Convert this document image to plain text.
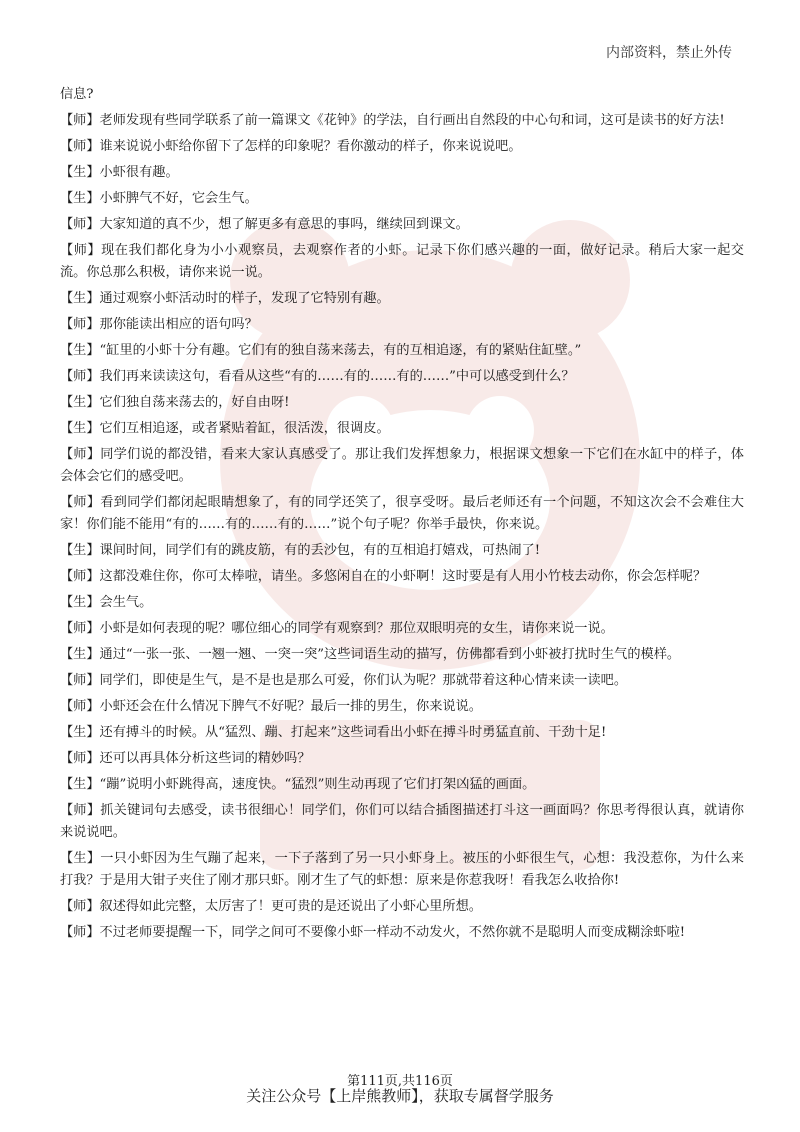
内部资料，禁止外传

信息?

【师】老师发现有些同学联系了前一篇课文《花钟》的学法，自行画出自然段的中心句和词，这可是读书的好方法!

【师】谁来说说小虾给你留下了怎样的印象呢？看你激动的样子，你来说说吧。

【生】小虾很有趣。

【生】小虾脾气不好，它会生气。

【师】大家知道的真不少，想了解更多有意思的事吗，继续回到课文。

【师】现在我们都化身为小小观察员，去观察作者的小虾。记录下你们感兴趣的一面，做好记录。稍后大家一起交流。你总那么积极，请你来说一说。

【生】通过观察小虾活动时的样子，发现了它特别有趣。

【师】那你能读出相应的语句吗？

【生】“缸里的小虾十分有趣。它们有的独自荡来荡去，有的互相追逐，有的紧贴住缸壁。”

【师】我们再来读读这句，看看从这些“有的……有的……有的……”中可以感受到什么？

【生】它们独自荡来荡去的，好自由呀!

【生】它们互相追逐，或者紧贴着缸，很活泼，很调皮。

【师】同学们说的都没错，看来大家认真感受了。那让我们发挥想象力，根据课文想象一下它们在水缸中的样子，体会体会它们的感受吧。

【师】看到同学们都闭起眼睛想象了，有的同学还笑了，很享受呀。最后老师还有一个问题，不知这次会不会难住大家！你们能不能用“有的……有的……有的……”说个句子呢？你举手最快，你来说。

【生】课间时间，同学们有的跳皮筋，有的丢沙包，有的互相追打嬉戏，可热闹了!

【师】这都没难住你，你可太棒啦，请坐。多悠闲自在的小虾啊！这时要是有人用小竹枝去动你，你会怎样呢？

【生】会生气。

【师】小虾是如何表现的呢？哪位细心的同学有观察到？那位双眼明亮的女生，请你来说一说。

【生】通过“一张一张、一翘一翘、一突一突”这些词语生动的描写，仿佛都看到小虾被打扰时生气的模样。

【师】同学们，即使是生气，是不是也是那么可爱，你们认为呢？那就带着这种心情来读一读吧。

【师】小虾还会在什么情况下脾气不好呢？最后一排的男生，你来说说。

【生】还有搏斗的时候。从“猛烈、蹦、打起来”这些词看出小虾在搏斗时勇猛直前、干劲十足!

【师】还可以再具体分析这些词的精妙吗？

【生】“蹦”说明小虾跳得高，速度快。“猛烈”则生动再现了它们打架凶猛的画面。

【师】抓关键词句去感受，读书很细心！同学们，你们可以结合插图描述打斗这一画面吗？你思考得很认真，就请你来说说吧。

【生】一只小虾因为生气蹦了起来，一下子落到了另一只小虾身上。被压的小虾很生气，心想：我没惹你，为什么来打我？于是用大钳子夹住了刚才那只虾。刚才生了气的虾想：原来是你惹我呀！看我怎么收拾你!

【师】叙述得如此完整，太厉害了！更可贵的是还说出了小虾心里所想。

【师】不过老师要提醒一下，同学之间可不要像小虾一样动不动发火，不然你就不是聪明人而变成糊涂虾啦!

第111页,共116页
关注公众号【上岸熊教师】，获取专属督学服务
